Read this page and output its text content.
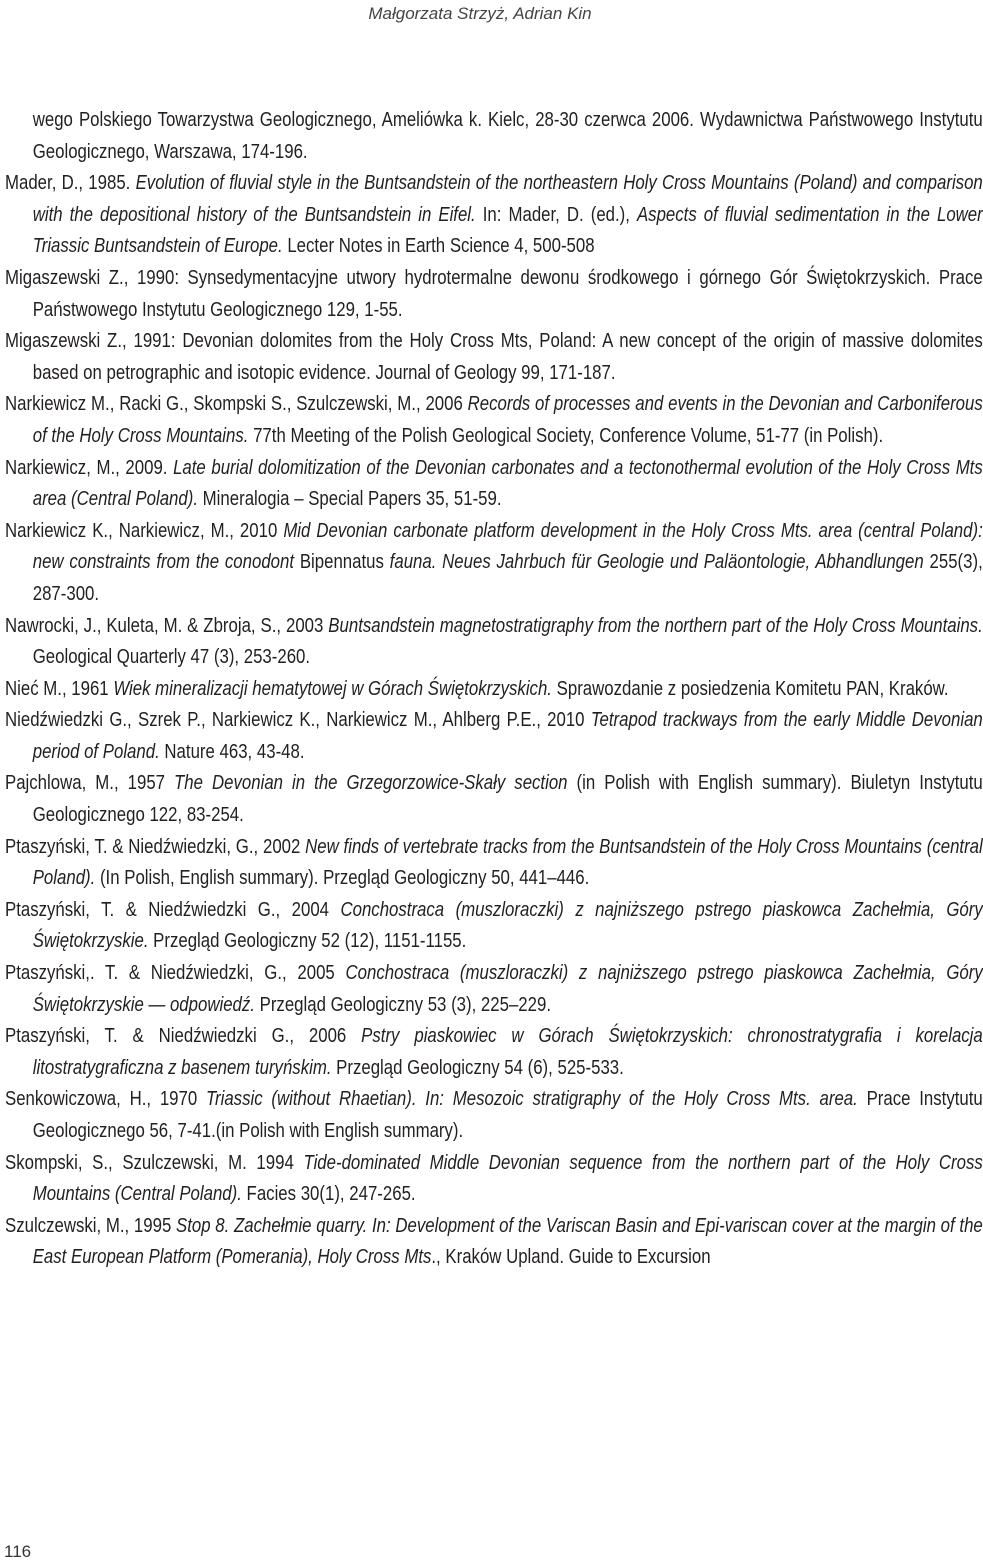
Małgorzata Strzyż, Adrian Kin

wego Polskiego Towarzystwa Geologicznego, Ameliówka k. Kielc, 28-30 czerwca 2006. Wydawnictwa Państwowego Instytutu Geologicznego, Warszawa, 174-196.

Mader, D., 1985. Evolution of fluvial style in the Buntsandstein of the northeastern Holy Cross Mountains (Poland) and comparison with the depositional history of the Buntsandstein in Eifel. In: Mader, D. (ed.), Aspects of fluvial sedimentation in the Lower Triassic Buntsandstein of Europe. Lecter Notes in Earth Science 4, 500-508

Migaszewski Z., 1990: Synsedymentacyjne utwory hydrotermalne dewonu środkowego i górnego Gór Świętokrzyskich. Prace Państwowego Instytutu Geologicznego 129, 1-55.

Migaszewski Z., 1991: Devonian dolomites from the Holy Cross Mts, Poland: A new concept of the origin of massive dolomites based on petrographic and isotopic evidence. Journal of Geology 99, 171-187.

Narkiewicz M., Racki G., Skompski S., Szulczewski, M., 2006 Records of processes and events in the Devonian and Carboniferous of the Holy Cross Mountains. 77th Meeting of the Polish Geological Society, Conference Volume, 51-77 (in Polish).

Narkiewicz, M., 2009. Late burial dolomitization of the Devonian carbonates and a tectonothermal evolution of the Holy Cross Mts area (Central Poland). Mineralogia – Special Papers 35, 51-59.

Narkiewicz K., Narkiewicz, M., 2010 Mid Devonian carbonate platform development in the Holy Cross Mts. area (central Poland): new constraints from the conodont Bipennatus fauna. Neues Jahrbuch für Geologie und Paläontologie, Abhandlungen 255(3), 287-300.

Nawrocki, J., Kuleta, M. & Zbroja, S., 2003 Buntsandstein magnetostratigraphy from the northern part of the Holy Cross Mountains. Geological Quarterly 47 (3), 253-260.

Nieć M., 1961 Wiek mineralizacji hematytowej w Górach Świętokrzyskich. Sprawozdanie z posiedzenia Komitetu PAN, Kraków.

Niedźwiedzki G., Szrek P., Narkiewicz K., Narkiewicz M., Ahlberg P.E., 2010 Tetrapod trackways from the early Middle Devonian period of Poland. Nature 463, 43-48.

Pajchlowa, M., 1957 The Devonian in the Grzegorzowice-Skały section (in Polish with English summary). Biuletyn Instytutu Geologicznego 122, 83-254.

Ptaszyński, T. & Niedźwiedzki, G., 2002 New finds of vertebrate tracks from the Buntsandstein of the Holy Cross Mountains (central Poland). (In Polish, English summary). Przegląd Geologiczny 50, 441–446.

Ptaszyński, T. & Niedźwiedzki G., 2004 Conchostraca (muszloraczki) z najniższego pstrego piaskowca Zachełmia, Góry Świętokrzyskie. Przegląd Geologiczny 52 (12), 1151-1155.

Ptaszyński,. T. & Niedźwiedzki, G., 2005 Conchostraca (muszloraczki) z najniższego pstrego piaskowca Zachełmia, Góry Świętokrzyskie — odpowiedź. Przegląd Geologiczny 53 (3), 225–229.

Ptaszyński, T. & Niedźwiedzki G., 2006 Pstry piaskowiec w Górach Świętokrzyskich: chronostratygrafia i korelacja litostratygraficzna z basenem turyńskim. Przegląd Geologiczny 54 (6), 525-533.

Senkowiczowa, H., 1970 Triassic (without Rhaetian). In: Mesozoic stratigraphy of the Holy Cross Mts. area. Prace Instytutu Geologicznego 56, 7-41.(in Polish with English summary).

Skompski, S., Szulczewski, M. 1994 Tide-dominated Middle Devonian sequence from the northern part of the Holy Cross Mountains (Central Poland). Facies 30(1), 247-265.

Szulczewski, M., 1995 Stop 8. Zachełmie quarry. In: Development of the Variscan Basin and Epi-variscan cover at the margin of the East European Platform (Pomerania), Holy Cross Mts., Kraków Upland. Guide to Excursion

116
